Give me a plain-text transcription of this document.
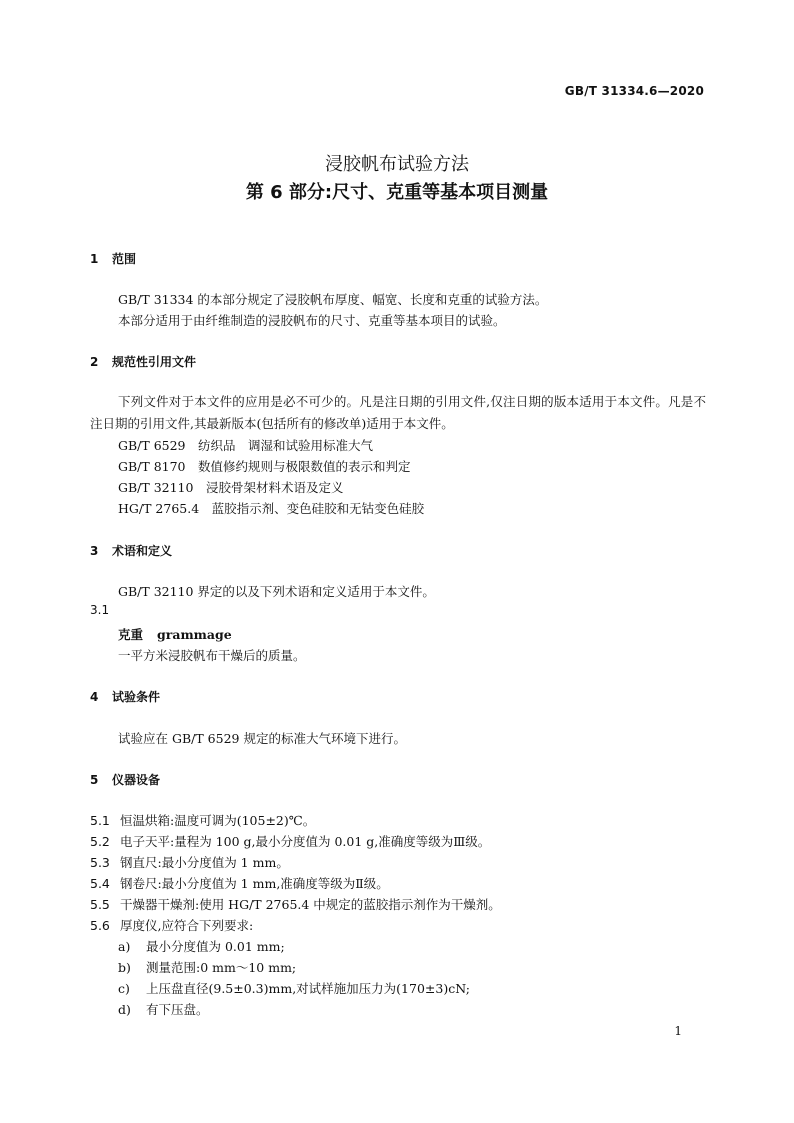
GB/T 31334.6—2020
浸胶帆布试验方法
第 6 部分:尺寸、克重等基本项目测量
1 范围
GB/T 31334 的本部分规定了浸胶帆布厚度、幅宽、长度和克重的试验方法。
本部分适用于由纤维制造的浸胶帆布的尺寸、克重等基本项目的试验。
2 规范性引用文件
下列文件对于本文件的应用是必不可少的。凡是注日期的引用文件,仅注日期的版本适用于本文件。凡是不注日期的引用文件,其最新版本(包括所有的修改单)适用于本文件。
GB/T 6529　 纺织品　调湿和试验用标准大气
GB/T 8170　 数值修约规则与极限数值的表示和判定
GB/T 32110　 浸胶骨架材料术语及定义
HG/T 2765.4　 蓝胶指示剂、变色硅胶和无钴变色硅胶
3 术语和定义
GB/T 32110 界定的以及下列术语和定义适用于本文件。
3.1
克重 grammage
一平方米浸胶帆布干燥后的质量。
4 试验条件
试验应在 GB/T 6529 规定的标准大气环境下进行。
5 仪器设备
5.1 恒温烘箱:温度可调为(105±2)℃。
5.2 电子天平:量程为 100 g,最小分度值为 0.01 g,准确度等级为Ⅲ级。
5.3 钢直尺:最小分度值为 1 mm。
5.4 钢卷尺:最小分度值为 1 mm,准确度等级为Ⅱ级。
5.5 干燥器干燥剂:使用 HG/T 2765.4 中规定的蓝胶指示剂作为干燥剂。
5.6 厚度仪,应符合下列要求:
a) 最小分度值为 0.01 mm;
b) 测量范围:0 mm～10 mm;
c) 上压盘直径(9.5±0.3)mm,对试样施加压力为(170±3)cN;
d) 有下压盘。
1
